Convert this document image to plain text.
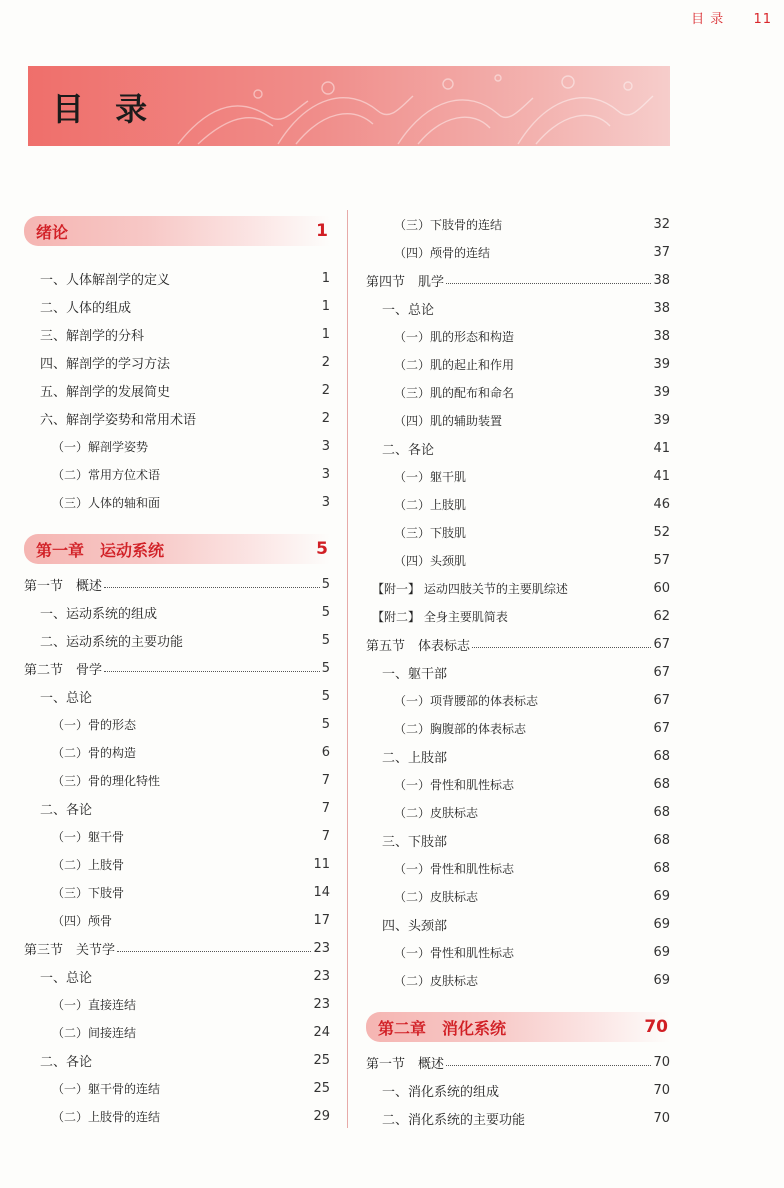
目 录 11
目 录
绪论	1
一、人体解剖学的定义	1
二、人体的组成	1
三、解剖学的分科	1
四、解剖学的学习方法	2
五、解剖学的发展简史	2
六、解剖学姿势和常用术语	2
（一）解剖学姿势	3
（二）常用方位术语	3
（三）人体的轴和面	3
第一章　运动系统	5
第一节　概述	5
一、运动系统的组成	5
二、运动系统的主要功能	5
第二节　骨学	5
一、总论	5
（一）骨的形态	5
（二）骨的构造	6
（三）骨的理化特性	7
二、各论	7
（一）躯干骨	7
（二）上肢骨	11
（三）下肢骨	14
（四）颅骨	17
第三节　关节学	23
一、总论	23
（一）直接连结	23
（二）间接连结	24
二、各论	25
（一）躯干骨的连结	25
（二）上肢骨的连结	29
（三）下肢骨的连结	32
（四）颅骨的连结	37
第四节　肌学	38
一、总论	38
（一）肌的形态和构造	38
（二）肌的起止和作用	39
（三）肌的配布和命名	39
（四）肌的辅助装置	39
二、各论	41
（一）躯干肌	41
（二）上肢肌	46
（三）下肢肌	52
（四）头颈肌	57
【附一】 运动四肢关节的主要肌综述	60
【附二】 全身主要肌简表	62
第五节　体表标志	67
一、躯干部	67
（一）项背腰部的体表标志	67
（二）胸腹部的体表标志	67
二、上肢部	68
（一）骨性和肌性标志	68
（二）皮肤标志	68
三、下肢部	68
（一）骨性和肌性标志	68
（二）皮肤标志	69
四、头颈部	69
（一）骨性和肌性标志	69
（二）皮肤标志	69
第二章　消化系统	70
第一节　概述	70
一、消化系统的组成	70
二、消化系统的主要功能	70
